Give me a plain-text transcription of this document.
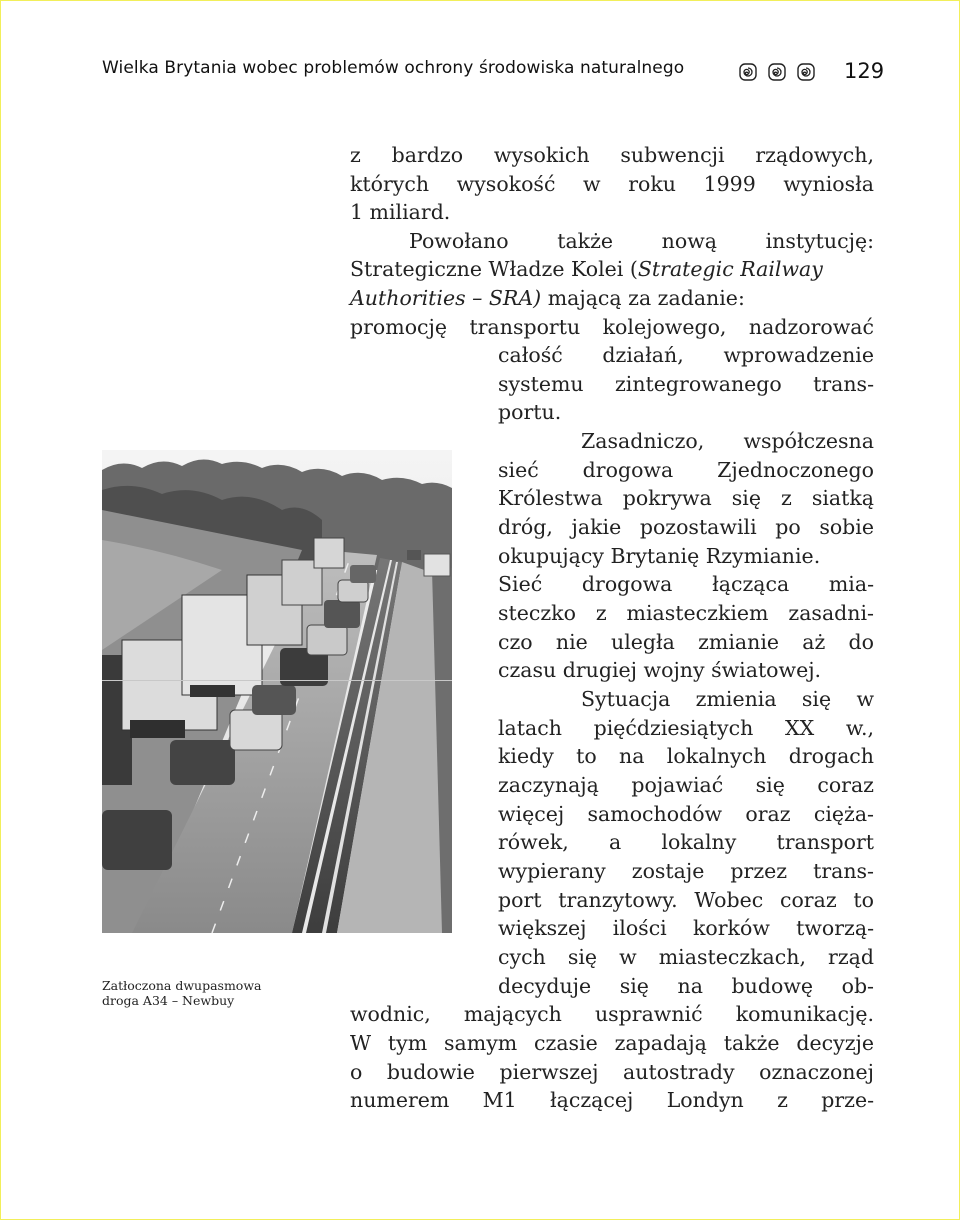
Wielka Brytania wobec problemów ochrony środowiska naturalnego
	129
Zatłoczona dwupasmowa
droga A34 – Newbuy
z bardzo wysokich subwencji rządowych,
których wysokość w roku 1999 wyniosła
1 miliard.
Powołano także nową instytucję:
Strategiczne Władze Kolei (Strategic Railway
Authorities – SRA) mającą za zadanie:
promocję transportu kolejowego, nadzorować
całość działań, wprowadzenie
systemu zintegrowanego trans-
portu.
Zasadniczo, współczesna
sieć drogowa Zjednoczonego
Królestwa pokrywa się z siatką
dróg, jakie pozostawili po sobie
okupujący Brytanię Rzymianie.
Sieć drogowa łącząca mia-
steczko z miasteczkiem zasadni-
czo nie uległa zmianie aż do
czasu drugiej wojny światowej.
Sytuacja zmienia się w
latach pięćdziesiątych XX w.,
kiedy to na lokalnych drogach
zaczynają pojawiać się coraz
więcej samochodów oraz cięża-
rówek, a lokalny transport
wypierany zostaje przez trans-
port tranzytowy. Wobec coraz to
większej ilości korków tworzą-
cych się w miasteczkach, rząd
decyduje się na budowę ob-
wodnic, mających usprawnić komunikację.
W tym samym czasie zapadają także decyzje
o budowie pierwszej autostrady oznaczonej
numerem M1 łączącej Londyn z prze-
